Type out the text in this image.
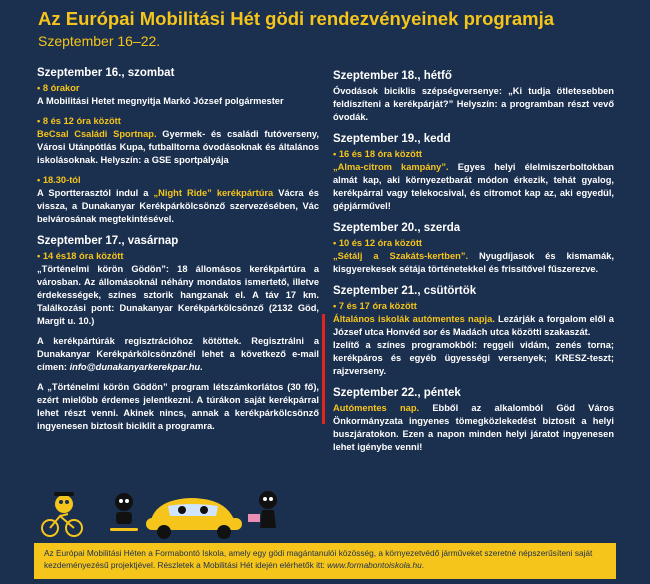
Az Európai Mobilitási Hét gödi rendezvényeinek programja
Szeptember 16–22.
Szeptember 16., szombat
• 8 órakor
A Mobilitási Hetet megnyitja Markó József polgármester
• 8 és 12 óra között
BeCsal Családi Sportnap. Gyermek- és családi futóverseny, Városi Utánpótlás Kupa, futballtorna óvodásoknak és általános iskolásoknak. Helyszín: a GSE sportpályája
• 18.30-tól
A Sportterasztól indul a „Night Ride” kerékpártúra Vácra és vissza, a Dunakanyar Kerékpárkölcsönző szervezésében, Vác belvárosának megtekintésével.
Szeptember 17., vasárnap
• 14 és18 óra között
„Történelmi körön Gödön”: 18 állomásos kerékpártúra a városban. Az állomásoknál néhány mondatos ismertető, illetve érdekességek, színes sztorik hangzanak el. A táv 17 km. Találkozási pont: Dunakanyar Kerékpárkölcsönző (2132 Göd, Margit u. 10.)
A kerékpártúrák regisztrációhoz kötöttek. Regisztrálni a Dunakanyar Kerékpárkölcsönzőnél lehet a következő e-mail címen: info@dunakanyarkerekpar.hu.
A „Történelmi körön Gödön” program létszámkorlátos (30 fő), ezért mielőbb érdemes jelentkezni. A túrákon saját kerékpárral lehet részt venni. Akinek nincs, annak a kerékpárkölcsönző ingyenesen biztosít biciklit a programra.
Szeptember 18., hétfő
Óvodások biciklis szépségversenye: „Ki tudja ötletesebben feldíszíteni a kerékpárját?” Helyszín: a programban részt vevő óvodák.
Szeptember 19., kedd
• 16 és 18 óra között
„Alma-citrom kampány”. Egyes helyi élelmiszerboltokban almát kap, aki környezetbarát módon érkezik, tehát gyalog, kerékpárral vagy telekocsival, és citromot kap az, aki egyedül, gépjárművel!
Szeptember 20., szerda
• 10 és 12 óra között
„Sétálj a Szakáts-kertben”. Nyugdíjasok és kismamák, kisgyerekesek sétája történetekkel és frissítővel fűszerezve.
Szeptember 21., csütörtök
• 7 és 17 óra között
Általános iskolák autómentes napja. Lezárják a forgalom elől a József utca Honvéd sor és Madách utca közötti szakaszát.
Izelítő a színes programokból: reggeli vidám, zenés torna; kerékpáros és egyéb ügyességi versenyek; KRESZ-teszt; rajzverseny.
Szeptember 22., péntek
Autómentes nap. Ebből az alkalomból Göd Város Önkormányzata ingyenes tömegközlekedést biztosít a helyi buszjáratokon. Ezen a napon minden helyi járatot ingyenesen lehet igénybe venni!
Az Európai Mobilitási Héten a Formabontó Iskola, amely egy gödi magántanulói közösség, a környezetvédő járműveket szeretné népszerűsíteni saját kezdeményezésű projektjével. Részletek a Mobilitási Hét idején elérhetők itt: www.formabontoiskola.hu.
